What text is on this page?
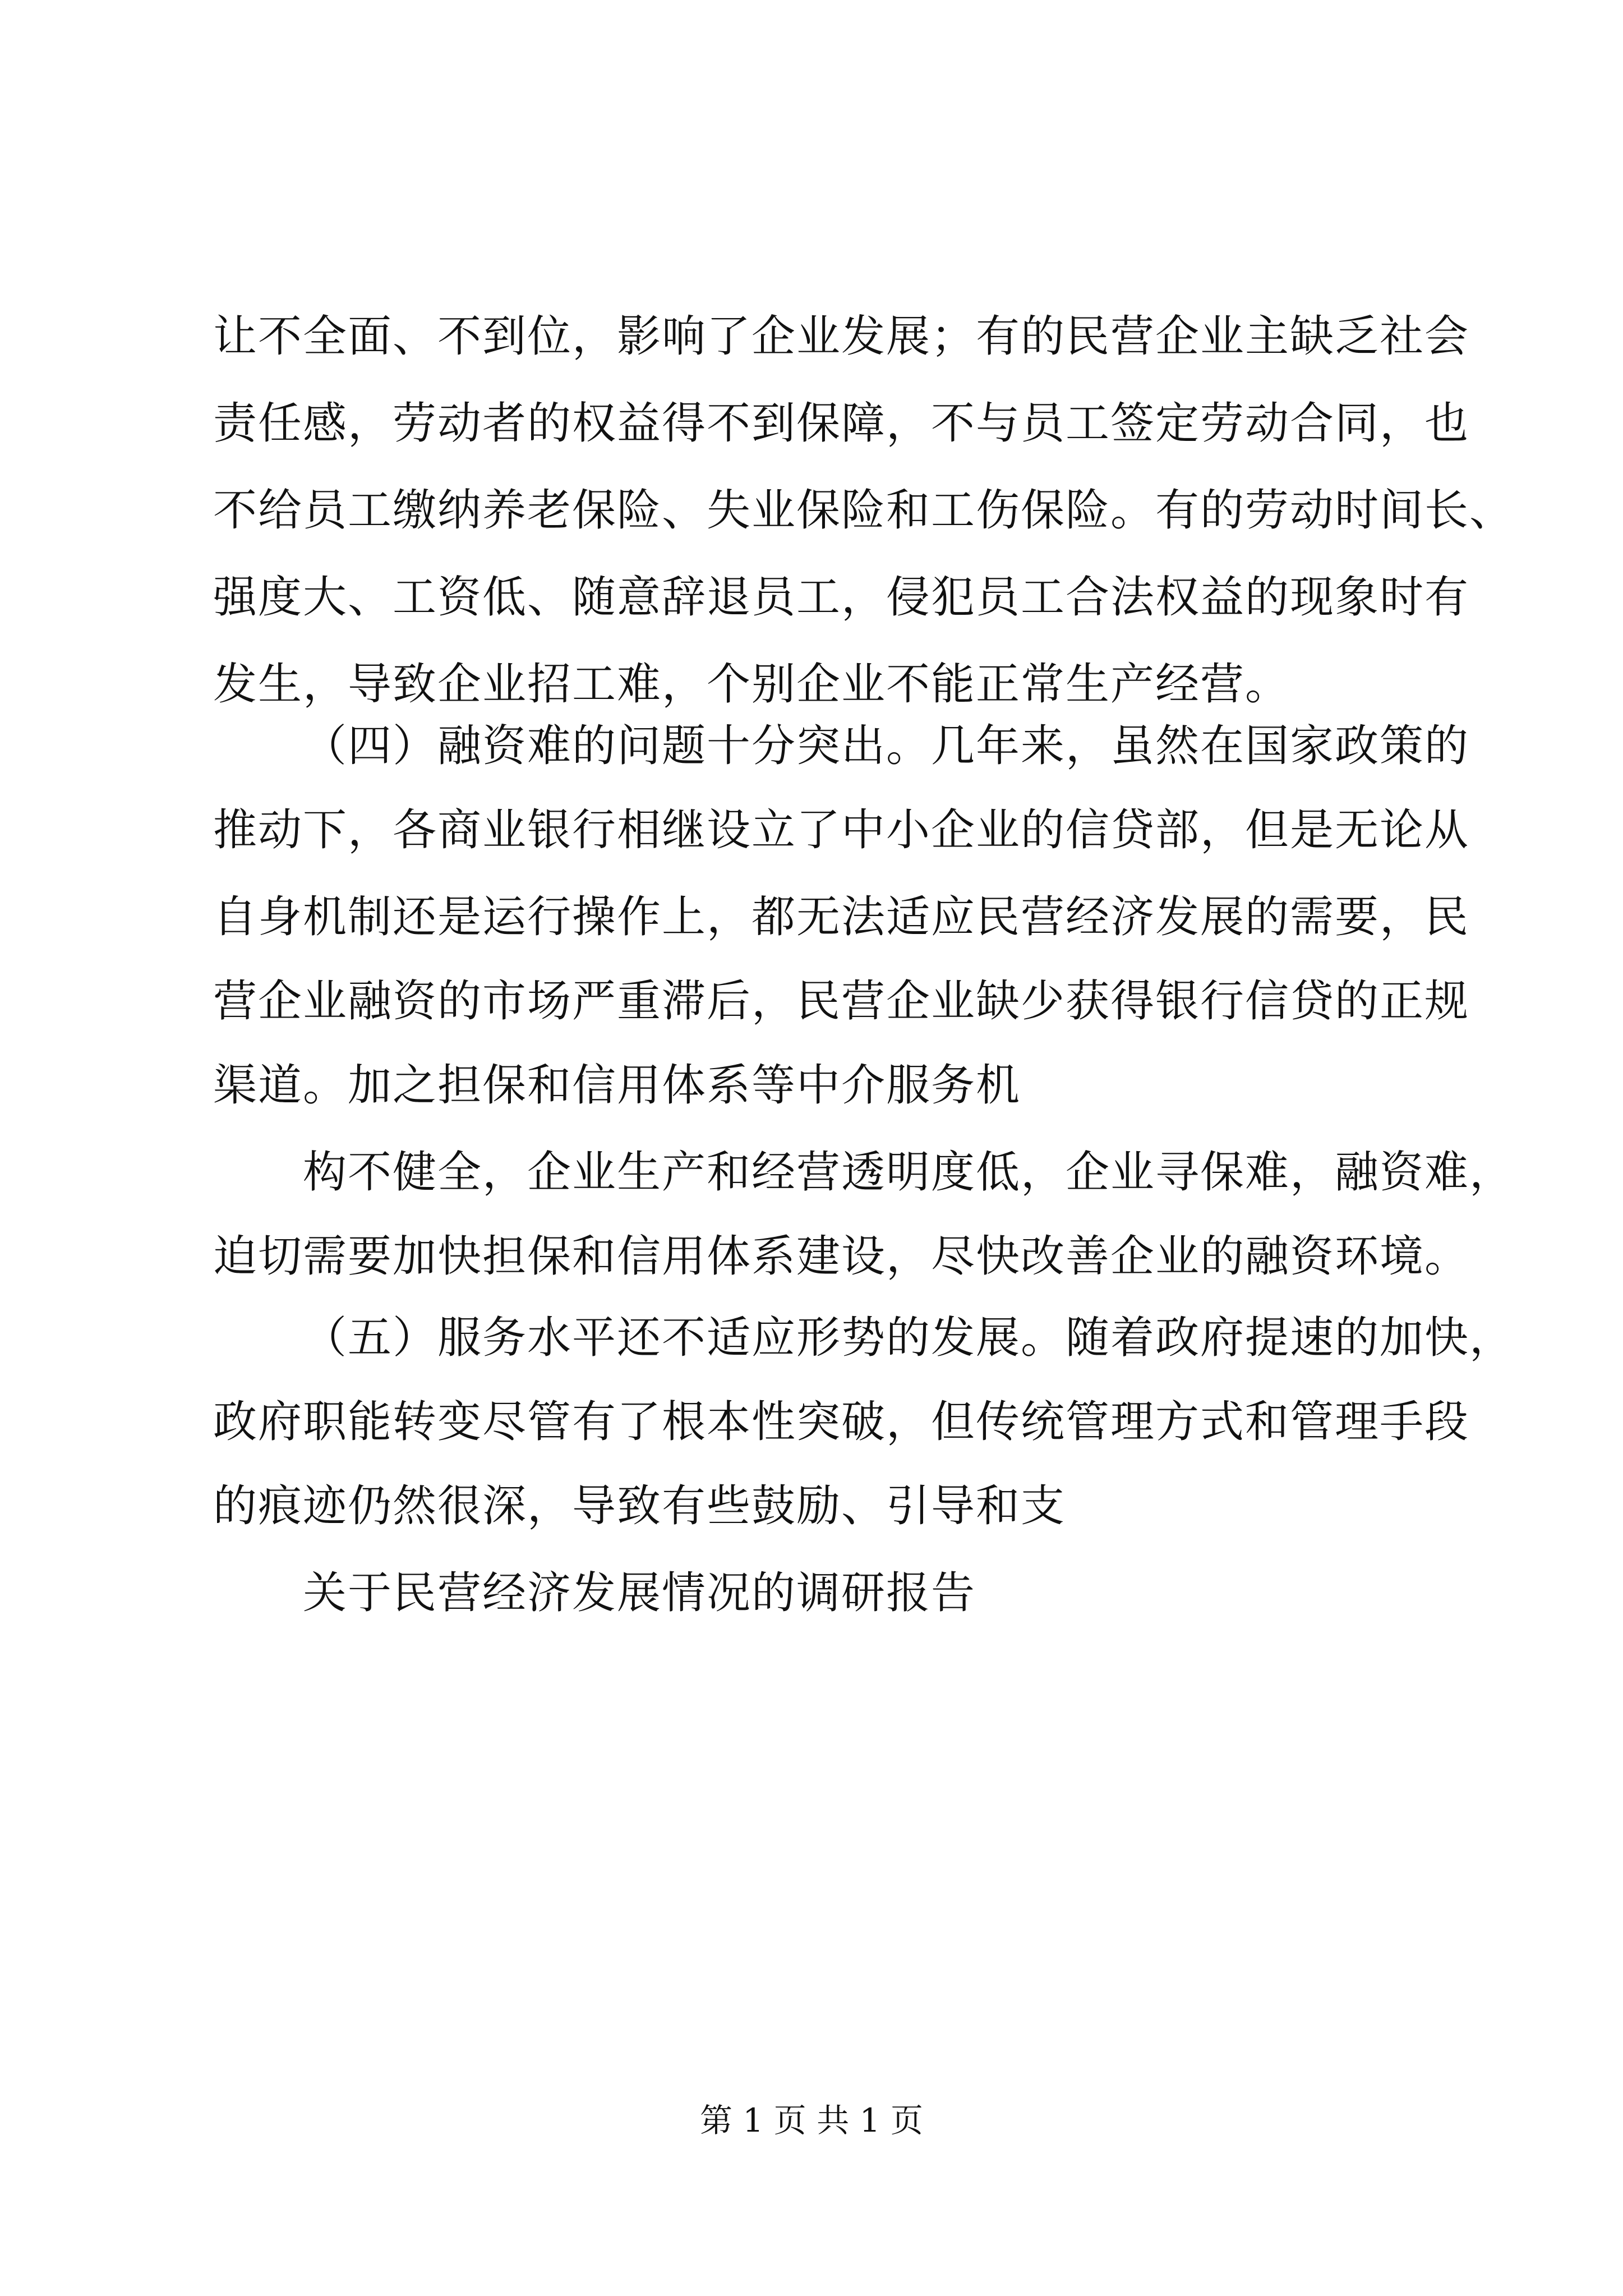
让不全面、不到位，影响了企业发展；有的民营企业主缺乏社会
责任感，劳动者的权益得不到保障，不与员工签定劳动合同，也
不给员工缴纳养老保险、失业保险和工伤保险。有的劳动时间长、
强度大、工资低、随意辞退员工，侵犯员工合法权益的现象时有
发生，导致企业招工难，个别企业不能正常生产经营。
（四）融资难的问题十分突出。几年来，虽然在国家政策的
推动下，各商业银行相继设立了中小企业的信贷部，但是无论从
自身机制还是运行操作上，都无法适应民营经济发展的需要，民
营企业融资的市场严重滞后，民营企业缺少获得银行信贷的正规
渠道。加之担保和信用体系等中介服务机
构不健全，企业生产和经营透明度低，企业寻保难，融资难，
迫切需要加快担保和信用体系建设，尽快改善企业的融资环境。
（五）服务水平还不适应形势的发展。随着政府提速的加快，
政府职能转变尽管有了根本性突破，但传统管理方式和管理手段
的痕迹仍然很深，导致有些鼓励、引导和支
关于民营经济发展情况的调研报告
第 1 页 共 1 页
